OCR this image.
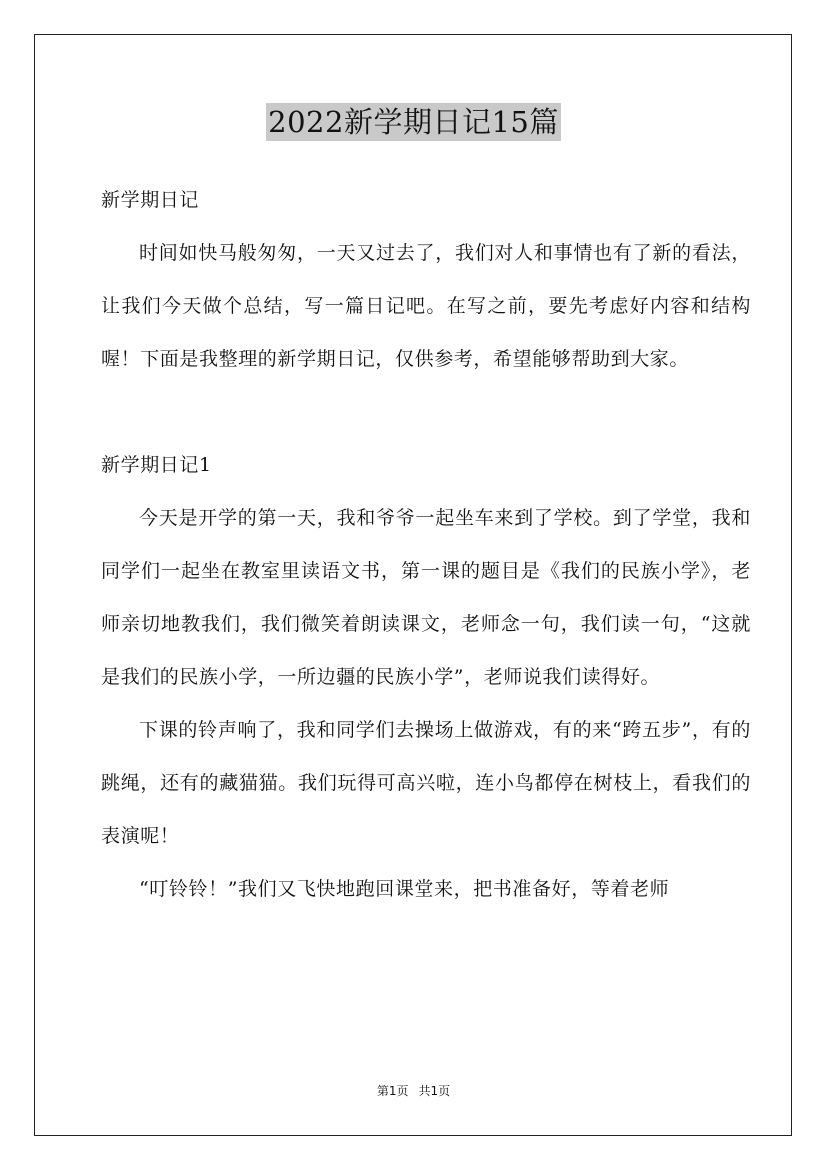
2022新学期日记15篇

新学期日记

时间如快马般匆匆，一天又过去了，我们对人和事情也有了新的看法，让我们今天做个总结，写一篇日记吧。在写之前，要先考虑好内容和结构喔！下面是我整理的新学期日记，仅供参考，希望能够帮助到大家。

新学期日记1

今天是开学的第一天，我和爷爷一起坐车来到了学校。到了学堂，我和同学们一起坐在教室里读语文书，第一课的题目是《我们的民族小学》，老师亲切地教我们，我们微笑着朗读课文，老师念一句，我们读一句，“这就是我们的民族小学，一所边疆的民族小学”，老师说我们读得好。

下课的铃声响了，我和同学们去操场上做游戏，有的来“跨五步”，有的跳绳，还有的藏猫猫。我们玩得可高兴啦，连小鸟都停在树枝上，看我们的表演呢！

“叮铃铃！”我们又飞快地跑回课堂来，把书准备好，等着老师

第1页 共1页
